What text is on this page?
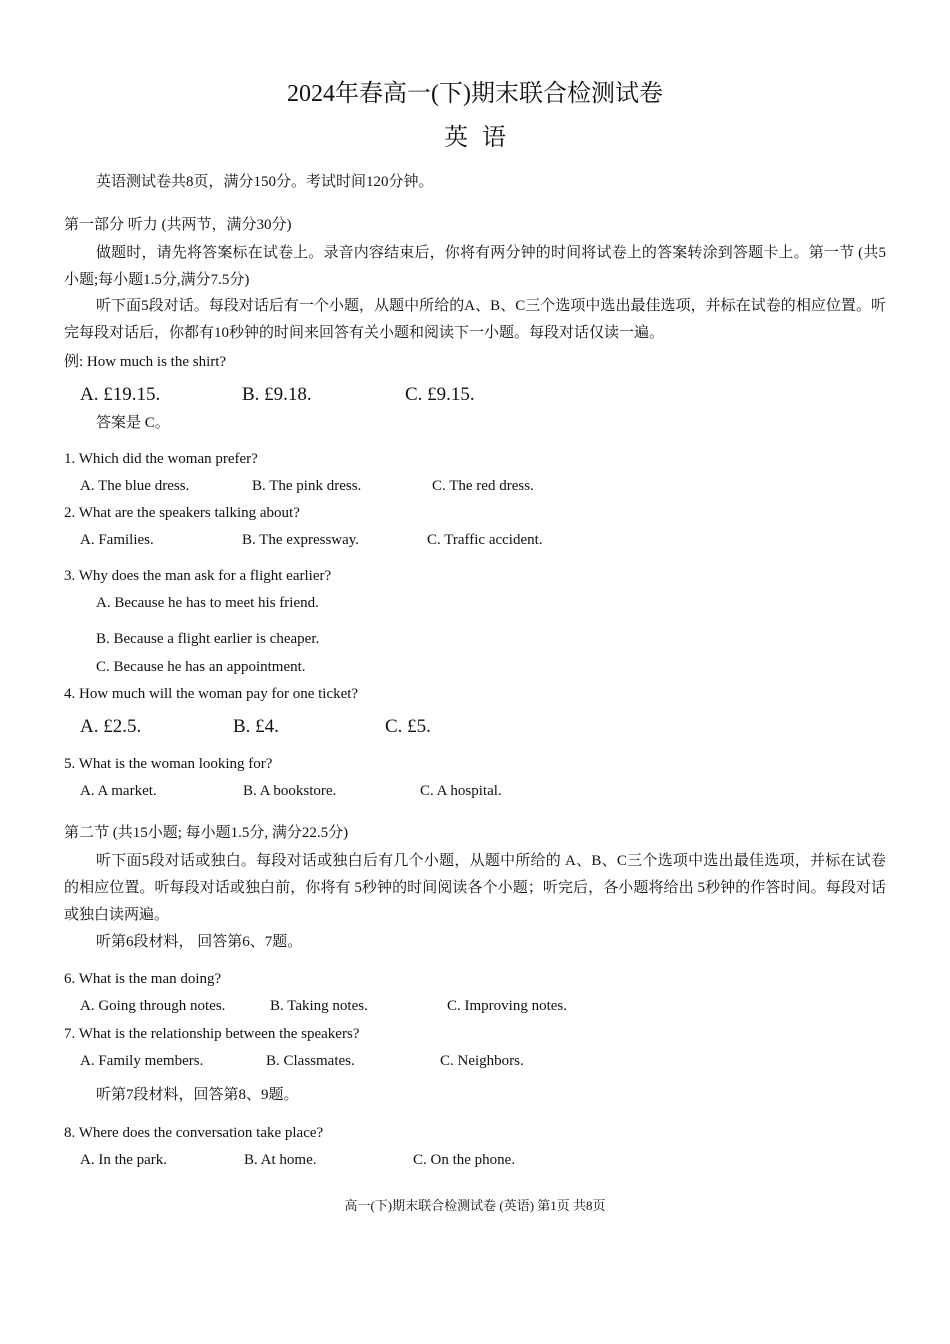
2024年春高一(下)期末联合检测试卷
英语
英语测试卷共8页，满分150分。考试时间120分钟。
第一部分 听力 (共两节，满分30分)
做题时，请先将答案标在试卷上。录音内容结束后，你将有两分钟的时间将试卷上的答案转涂到答题卡上。第一节 (共5小题;每小题1.5分,满分7.5分)
听下面5段对话。每段对话后有一个小题，从题中所给的A、B、C三个选项中选出最佳选项，并标在试卷的相应位置。听完每段对话后，你都有10秒钟的时间来回答有关小题和阅读下一小题。每段对话仅读一遍。
例: How much is the shirt?
A. £19.15.	B. £9.18.	C. £9.15.
答案是 C。
1. Which did the woman prefer?
A. The blue dress.	B. The pink dress.	C. The red dress.
2. What are the speakers talking about?
A. Families.	B. The expressway.	C. Traffic accident.
3. Why does the man ask for a flight earlier?
A. Because he has to meet his friend.
B. Because a flight earlier is cheaper.
C. Because he has an appointment.
4. How much will the woman pay for one ticket?
A. £2.5.	B. £4.	C. £5.
5. What is the woman looking for?
A. A market.	B. A bookstore.	C. A hospital.
第二节 (共15小题; 每小题1.5分, 满分22.5分)
听下面5段对话或独白。每段对话或独白后有几个小题，从题中所给的 A、B、C三个选项中选出最佳选项，并标在试卷的相应位置。听每段对话或独白前，你将有 5秒钟的时间阅读各个小题；听完后，各小题将给出 5秒钟的作答时间。每段对话或独白读两遍。
听第6段材料， 回答第6、7题。
6. What is the man doing?
A. Going through notes.	B. Taking notes.	C. Improving notes.
7. What is the relationship between the speakers?
A. Family members.	B. Classmates.	C. Neighbors.
听第7段材料，回答第8、9题。
8. Where does the conversation take place?
A. In the park.	B. At home.	C. On the phone.
高一(下)期末联合检测试卷 (英语) 第1页 共8页
